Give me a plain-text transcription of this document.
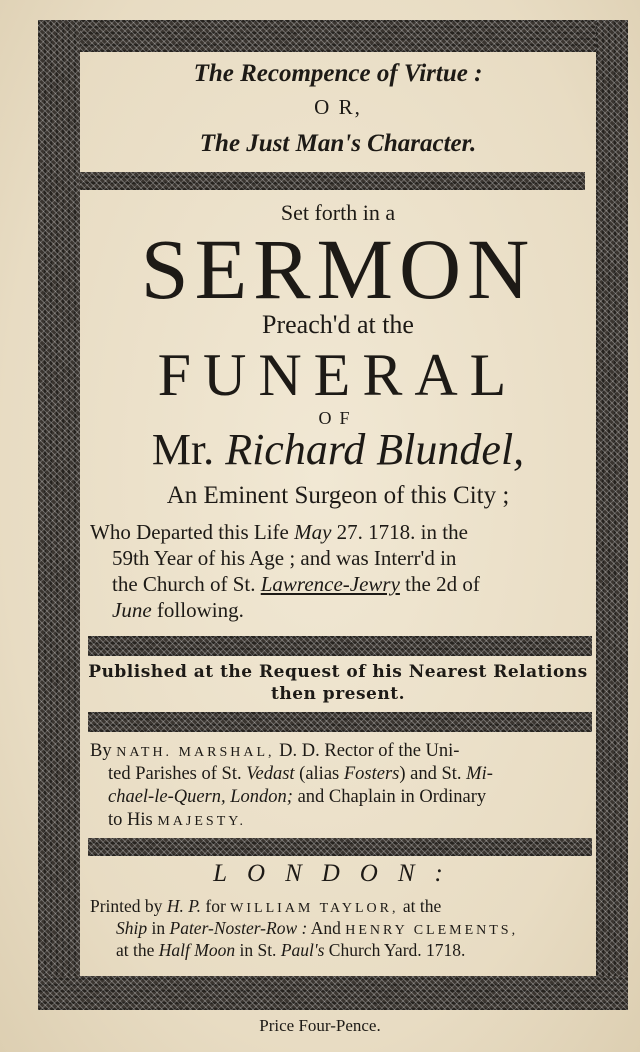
The Recompence of Virtue :
O R,
The Just Man's Character.
Set forth in a
SERMON
Preach'd at the
FUNERAL
OF
Mr. Richard Blundel,
An Eminent Surgeon of this City ;
Who Departed this Life May 27. 1718. in the
59th Year of his Age ; and was Interr'd in
the Church of St. Lawrence-Jewry the 2d of
June following.
Published at the Request of his Nearest Relations
then present.
By NATH. MARSHAL, D. D. Rector of the Uni-
ted Parishes of St. Vedast (alias Fosters) and St. Mi-
chael-le-Quern, London; and Chaplain in Ordinary
to His MAJESTY.
LONDON:
Printed by H. P. for WILLIAM TAYLOR, at the
Ship in Pater-Noster-Row : And HENRY CLEMENTS,
at the Half Moon in St. Paul's Church Yard. 1718.
Price Four-Pence.
